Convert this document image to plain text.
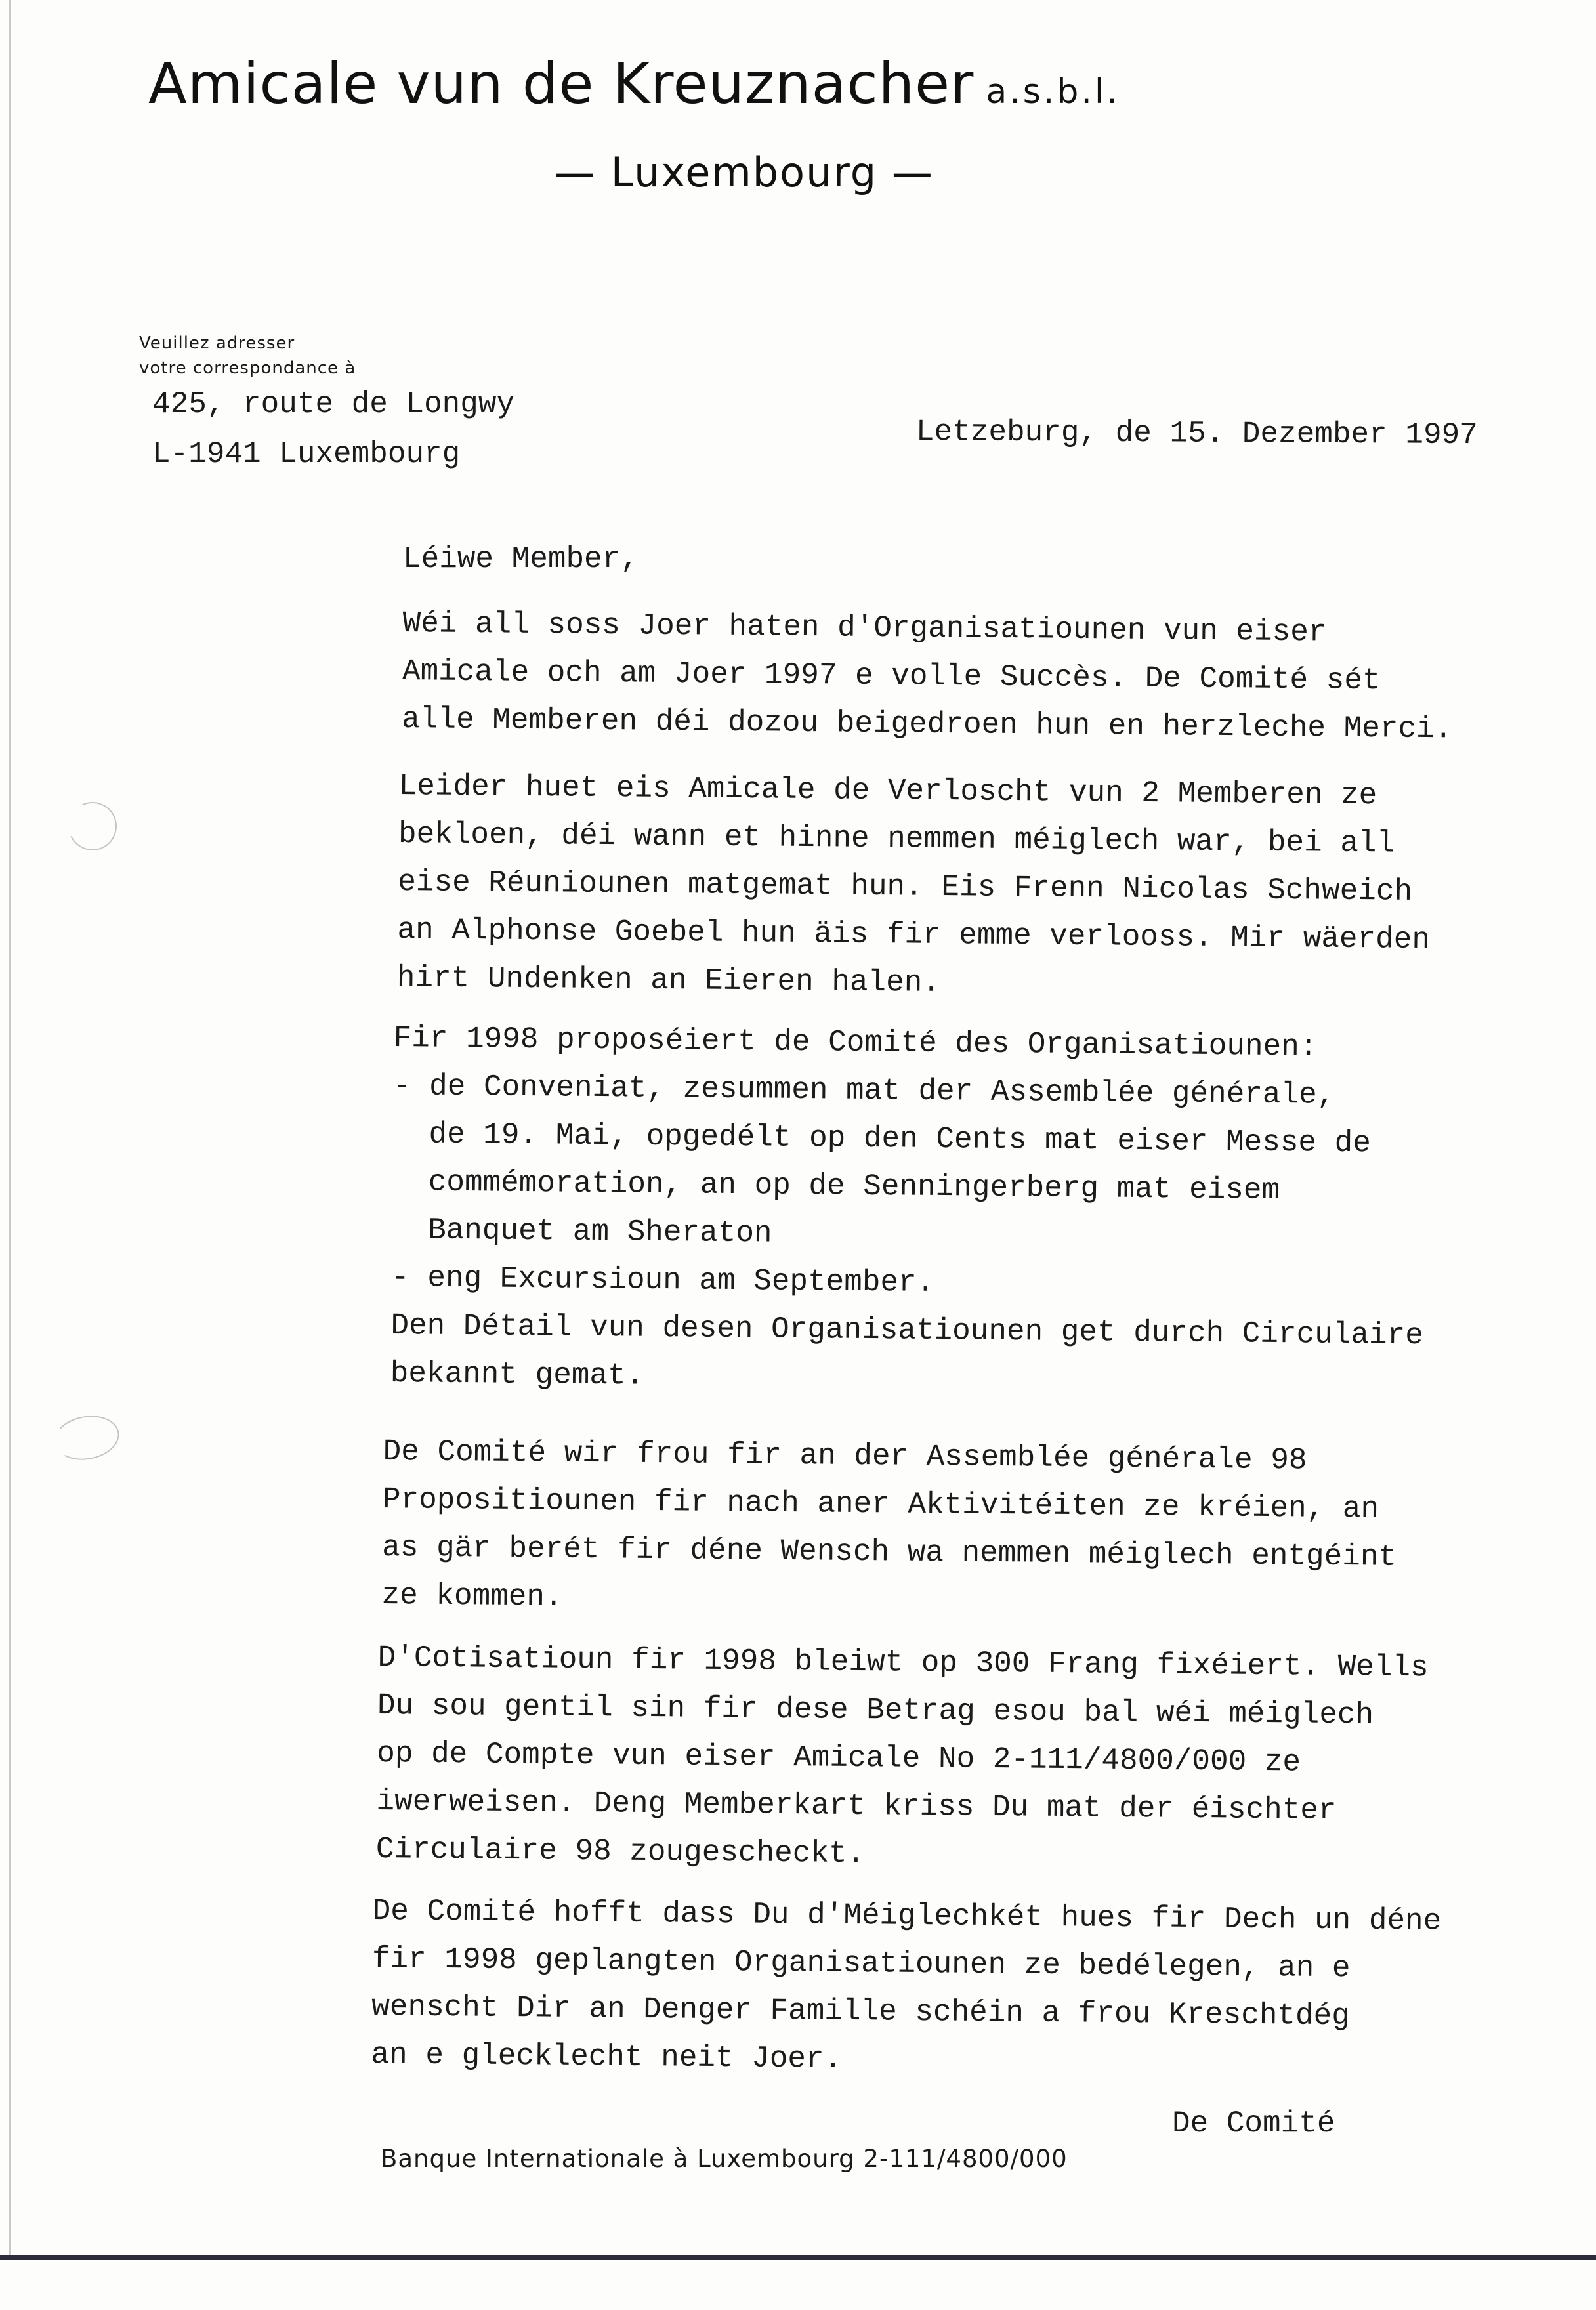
Amicale vun de Kreuznacher a.s.b.l.
— Luxembourg —
Veuillez adresser
votre correspondance à
425, route de Longwy
L-1941 Luxembourg
Letzeburg, de 15. Dezember 1997
Léiwe Member,
Wéi all soss Joer haten d'Organisatiounen vun eiser
Amicale och am Joer 1997 e volle Succès. De Comité sét
alle Memberen déi dozou beigedroen hun en herzleche Merci.
Leider huet eis Amicale de Verloscht vun 2 Memberen ze
bekloen, déi wann et hinne nemmen méiglech war, bei all
eise Réuniounen matgemat hun. Eis Frenn Nicolas Schweich
an Alphonse Goebel hun äis fir emme verlooss. Mir wäerden
hirt Undenken an Eieren halen.
Fir 1998 proposéiert de Comité des Organisatiounen:
- de Conveniat, zesummen mat der Assemblée générale,
de 19. Mai, opgedélt op den Cents mat eiser Messe de
commémoration, an op de Senningerberg mat eisem
Banquet am Sheraton
- eng Excursioun am September.
Den Détail vun desen Organisatiounen get durch Circulaire
bekannt gemat.
De Comité wir frou fir an der Assemblée générale 98
Propositiounen fir nach aner Aktivitéiten ze kréien, an
as gär berét fir déne Wensch wa nemmen méiglech entgéint
ze kommen.
D'Cotisatioun fir 1998 bleiwt op 300 Frang fixéiert. Wells
Du sou gentil sin fir dese Betrag esou bal wéi méiglech
op de Compte vun eiser Amicale No 2-111/4800/000 ze
iwerweisen. Deng Memberkart kriss Du mat der éischter
Circulaire 98 zougescheckt.
De Comité hofft dass Du d'Méiglechkét hues fir Dech un déne
fir 1998 geplangten Organisatiounen ze bedélegen, an e
wenscht Dir an Denger Famille schéin a frou Kreschtdég
an e glecklecht neit Joer.
De Comité
Banque Internationale à Luxembourg 2-111/4800/000
